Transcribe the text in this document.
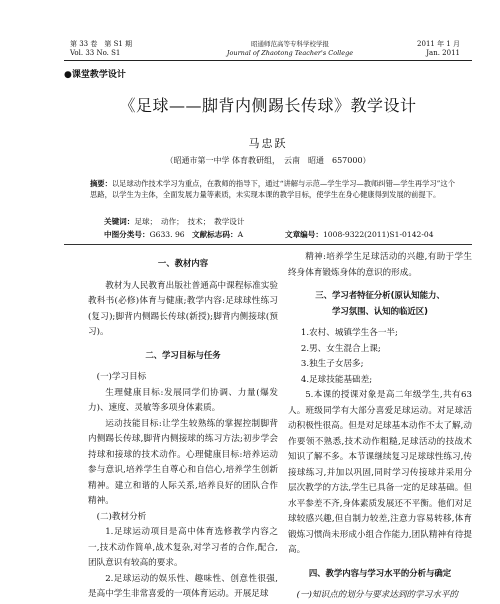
第 33 卷　第 S1 期
Vol. 33 No. S1
昭通师范高等专科学校学报
Journal of Zhaotong Teacher's College
2011 年 1 月
Jan. 2011
●课堂教学设计
《足球——脚背内侧踢长传球》教学设计
马忠跃
（昭通市第一中学 体育教研组，　云南　昭通　657000）
摘要：以足球动作技术学习为重点，在教师的指导下，通过“讲解与示范—学生学习—教师纠错—学生再学习”这个思路，以学生为主体，全面发展力量等素质，未实现本课的教学目标，使学生在身心健康得到发展的前提下。
关键词：足球；　动作；　技术；　教学设计
中图分类号：G633. 96 文献标志码：A	文章编号：1008-9322(2011)S1-0142-04

一、教材内容

教材为人民教育出版社普通高中课程标准实验教科书(必修)体育与健康;教学内容:足球球性练习(复习);脚背内侧踢长传球(新授);脚背内侧接球(预习)。

二、学习目标与任务

(一)学习目标

生理健康目标:发展同学们协调、力量(爆发力)、速度、灵敏等多项身体素质。

运动技能目标:让学生较熟练的掌握控制脚背内侧踢长传球,脚背内侧接球的练习方法;初步学会持球和接球的技术动作。心理健康目标:培养运动参与意识,培养学生自尊心和自信心,培养学生创新精神。建立和谐的人际关系,培养良好的团队合作精神。

(二)教材分析

1.足球运动项目是高中体育选修教学内容之一,技术动作简单,战术复杂,对学习者的合作,配合,团队意识有较高的要求。

2.足球运动的娱乐性、趣味性、创意性很强,是高中学生非常喜爱的一项体育运动。开展足球

精神:培养学生足球活动的兴趣,有助于学生终身体育锻炼身体的意识的形成。

三、学习者特征分析(原认知能力、

学习氛围、认知的临近区)

1.农村、城镇学生各一半;

2.男、女生混合上课;

3.独生子女居多;

4.足球技能基础差;

5.本课的授课对象是高二年级学生,共有63人。班级同学有大部分喜爱足球运动。对足球活动积极性很高。但是对足球基本动作不太了解,动作要领不熟悉,技术动作粗糙,足球活动的技战术知识了解不多。本节课继续复习足球球性练习,传接球练习,并加以巩固,同时学习传接球并采用分层次教学的方法,学生已具备一定的足球基础。但水平参差不齐,身体素质发展还不平衡。他们对足球较感兴趣,但自制力较差,注意力容易转移,体育锻炼习惯尚未形成小组合作能力,团队精神有待提高。

四、教学内容与学习水平的分析与确定

(一)知识点的划分与要求达到的学习水平的
